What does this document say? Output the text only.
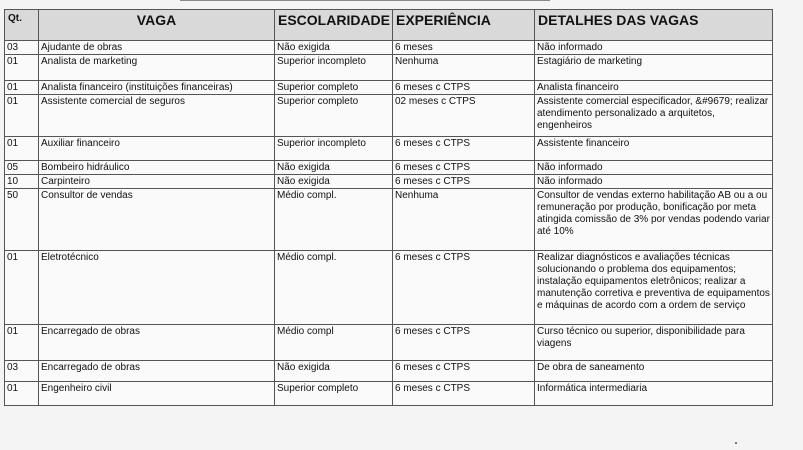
Qt.	VAGA	ESCOLARIDADE	EXPERIÊNCIA	DETALHES DAS VAGAS
03	Ajudante de obras	Não exigida	6 meses	Não informado
01	Analista de marketing	Superior incompleto	Nenhuma	Estagiário de marketing
01	Analista financeiro (instituições financeiras)	Superior completo	6 meses c CTPS	Analista financeiro
01	Assistente comercial de seguros	Superior completo	02 meses c CTPS	Assistente comercial especificador, &#9679; realizar atendimento personalizado a arquitetos, engenheiros
01	Auxiliar financeiro	Superior incompleto	6 meses c CTPS	Assistente financeiro
05	Bombeiro hidráulico	Não exigida	6 meses c CTPS	Não informado
10	Carpinteiro	Não exigida	6 meses c CTPS	Não informado
50	Consultor de vendas	Médio compl.	Nenhuma	Consultor de vendas externo habilitação AB ou a ou remuneração por produção, bonificação por meta atingida comissão de 3% por vendas podendo variar até 10%
01	Eletrotécnico	Médio compl.	6 meses c CTPS	Realizar diagnósticos e avaliações técnicas solucionando o problema dos equipamentos; instalação equipamentos eletrônicos; realizar a manutenção corretiva e preventiva de equipamentos e máquinas de acordo com a ordem de serviço
01	Encarregado de obras	Médio compl	6 meses c CTPS	Curso técnico ou superior, disponibilidade para viagens
03	Encarregado de obras	Não exigida	6 meses c CTPS	De obra de saneamento
01	Engenheiro civil	Superior completo	6 meses c CTPS	Informática intermediaria
